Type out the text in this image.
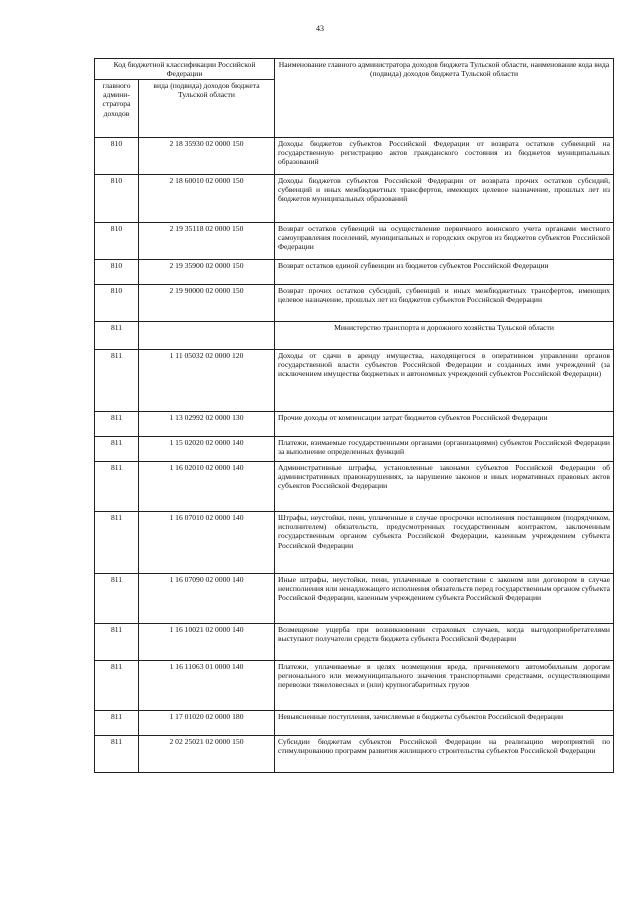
43
Код бюджетной классификации Российской Федерации		Наименование главного администратора доходов бюджета Тульской области, наименование кода вида (подвида) доходов бюджета Тульской области
главного админи-стратора доходов	вида (подвида) доходов бюджета Тульской области	
810	2 18 35930 02 0000 150	Доходы бюджетов субъектов Российской Федерации от возврата остатков субвенций на государственную регистрацию актов гражданского состояния из бюджетов муниципальных образований
810	2 18 60010 02 0000 150	Доходы бюджетов субъектов Российской Федерации от возврата прочих остатков субсидий, субвенций и иных межбюджетных трансфертов, имеющих целевое назначение, прошлых лет из бюджетов муниципальных образований
810	2 19 35118 02 0000 150	Возврат остатков субвенций на осуществление первичного воинского учета органами местного самоуправления поселений, муниципальных и городских округов из бюджетов субъектов Российской Федерации
810	2 19 35900 02 0000 150	Возврат остатков единой субвенции из бюджетов субъектов Российской Федерации
810	2 19 90000 02 0000 150	Возврат прочих остатков субсидий, субвенций и иных межбюджетных трансфертов, имеющих целевое назначение, прошлых лет из бюджетов субъектов Российской Федерации
811		Министерство транспорта и дорожного хозяйства Тульской области
811	1 11 05032 02 0000 120	Доходы от сдачи в аренду имущества, находящегося в оперативном управлении органов государственной власти субъектов Российской Федерации и созданных ими учреждений (за исключением имущества бюджетных и автономных учреждений субъектов Российской Федерации)
811	1 13 02992 02 0000 130	Прочие доходы от компенсации затрат бюджетов субъектов Российской Федерации
811	1 15 02020 02 0000 140	Платежи, взимаемые государственными органами (организациями) субъектов Российской Федерации за выполнение определенных функций
811	1 16 02010 02 0000 140	Административные штрафы, установленные законами субъектов Российской Федерации об административных правонарушениях, за нарушение законов и иных нормативных правовых актов субъектов Российской Федерации
811	1 16 07010 02 0000 140	Штрафы, неустойки, пени, уплаченные в случае просрочки исполнения поставщиком (подрядчиком, исполнителем) обязательств, предусмотренных государственным контрактом, заключенным государственным органом субъекта Российской Федерации, казенным учреждением субъекта Российской Федерации
811	1 16 07090 02 0000 140	Иные штрафы, неустойки, пени, уплаченные в соответствии с законом или договором в случае неисполнения или ненадлежащего исполнения обязательств перед государственным органом субъекта Российской Федерации, казенным учреждением субъекта Российской Федерации
811	1 16 10021 02 0000 140	Возмещение ущерба при возникновении страховых случаев, когда выгодоприобретателями выступают получатели средств бюджета субъекта Российской Федерации
811	1 16 11063 01 0000 140	Платежи, уплачиваемые в целях возмещения вреда, причиняемого автомобильным дорогам регионального или межмуниципального значения транспортными средствами, осуществляющими перевозки тяжеловесных и (или) крупногабаритных грузов
811	1 17 01020 02 0000 180	Невыясненные поступления, зачисляемые в бюджеты субъектов Российской Федерации
811	2 02 25021 02 0000 150	Субсидии бюджетам субъектов Российской Федерации на реализацию мероприятий по стимулированию программ развития жилищного строительства субъектов Российской Федерации
